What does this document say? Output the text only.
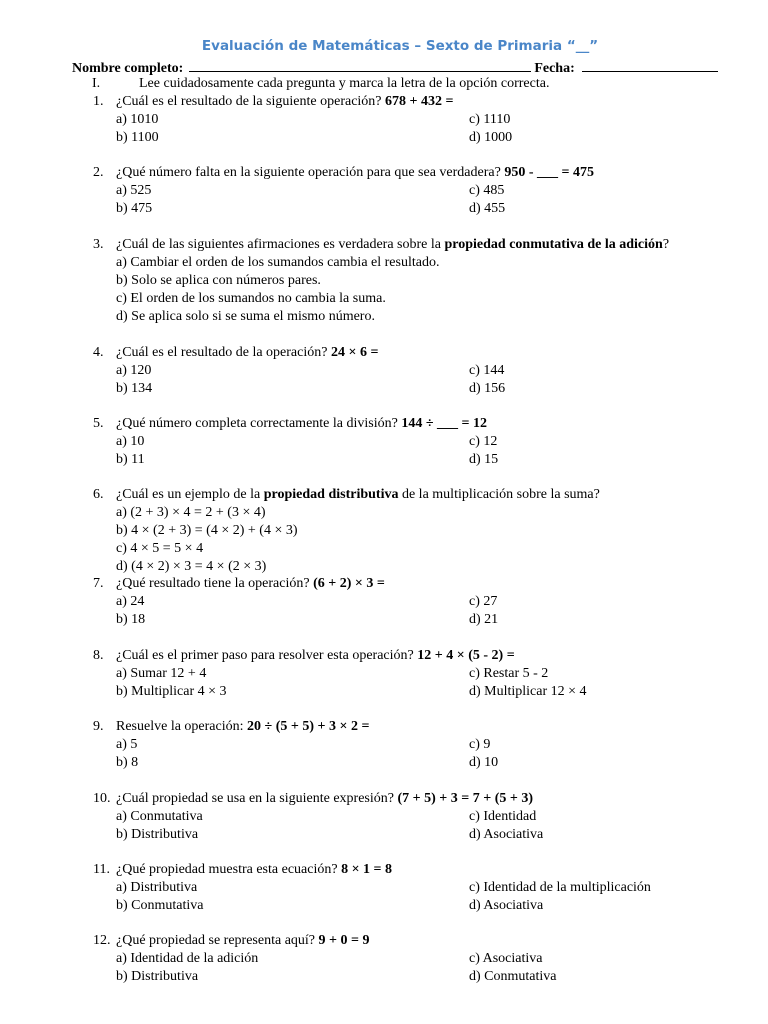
Evaluación de Matemáticas – Sexto de Primaria “__”
Nombre completo:	Fecha:
I.	Lee cuidadosamente cada pregunta y marca la letra de la opción correcta.
1. ¿Cuál es el resultado de la siguiente operación? 678 + 432 =
a) 1010	c) 1110
b) 1100	d) 1000
2. ¿Qué número falta en la siguiente operación para que sea verdadera? 950 - ___ = 475
a) 525	c) 485
b) 475	d) 455
3. ¿Cuál de las siguientes afirmaciones es verdadera sobre la propiedad conmutativa de la adición?
a) Cambiar el orden de los sumandos cambia el resultado.
b) Solo se aplica con números pares.
c) El orden de los sumandos no cambia la suma.
d) Se aplica solo si se suma el mismo número.
4. ¿Cuál es el resultado de la operación? 24 × 6 =
a) 120	c) 144
b) 134	d) 156
5. ¿Qué número completa correctamente la división? 144 ÷ ___ = 12
a) 10	c) 12
b) 11	d) 15
6. ¿Cuál es un ejemplo de la propiedad distributiva de la multiplicación sobre la suma?
a) (2 + 3) × 4 = 2 + (3 × 4)
b) 4 × (2 + 3) = (4 × 2) + (4 × 3)
c) 4 × 5 = 5 × 4
d) (4 × 2) × 3 = 4 × (2 × 3)
7. ¿Qué resultado tiene la operación? (6 + 2) × 3 =
a) 24	c) 27
b) 18	d) 21
8. ¿Cuál es el primer paso para resolver esta operación? 12 + 4 × (5 - 2) =
a) Sumar 12 + 4	c) Restar 5 - 2
b) Multiplicar 4 × 3	d) Multiplicar 12 × 4
9. Resuelve la operación: 20 ÷ (5 + 5) + 3 × 2 =
a) 5	c) 9
b) 8	d) 10
10. ¿Cuál propiedad se usa en la siguiente expresión? (7 + 5) + 3 = 7 + (5 + 3)
a) Conmutativa	c) Identidad
b) Distributiva	d) Asociativa
11. ¿Qué propiedad muestra esta ecuación? 8 × 1 = 8
a) Distributiva	c) Identidad de la multiplicación
b) Conmutativa	d) Asociativa
12. ¿Qué propiedad se representa aquí? 9 + 0 = 9
a) Identidad de la adición	c) Asociativa
b) Distributiva	d) Conmutativa
